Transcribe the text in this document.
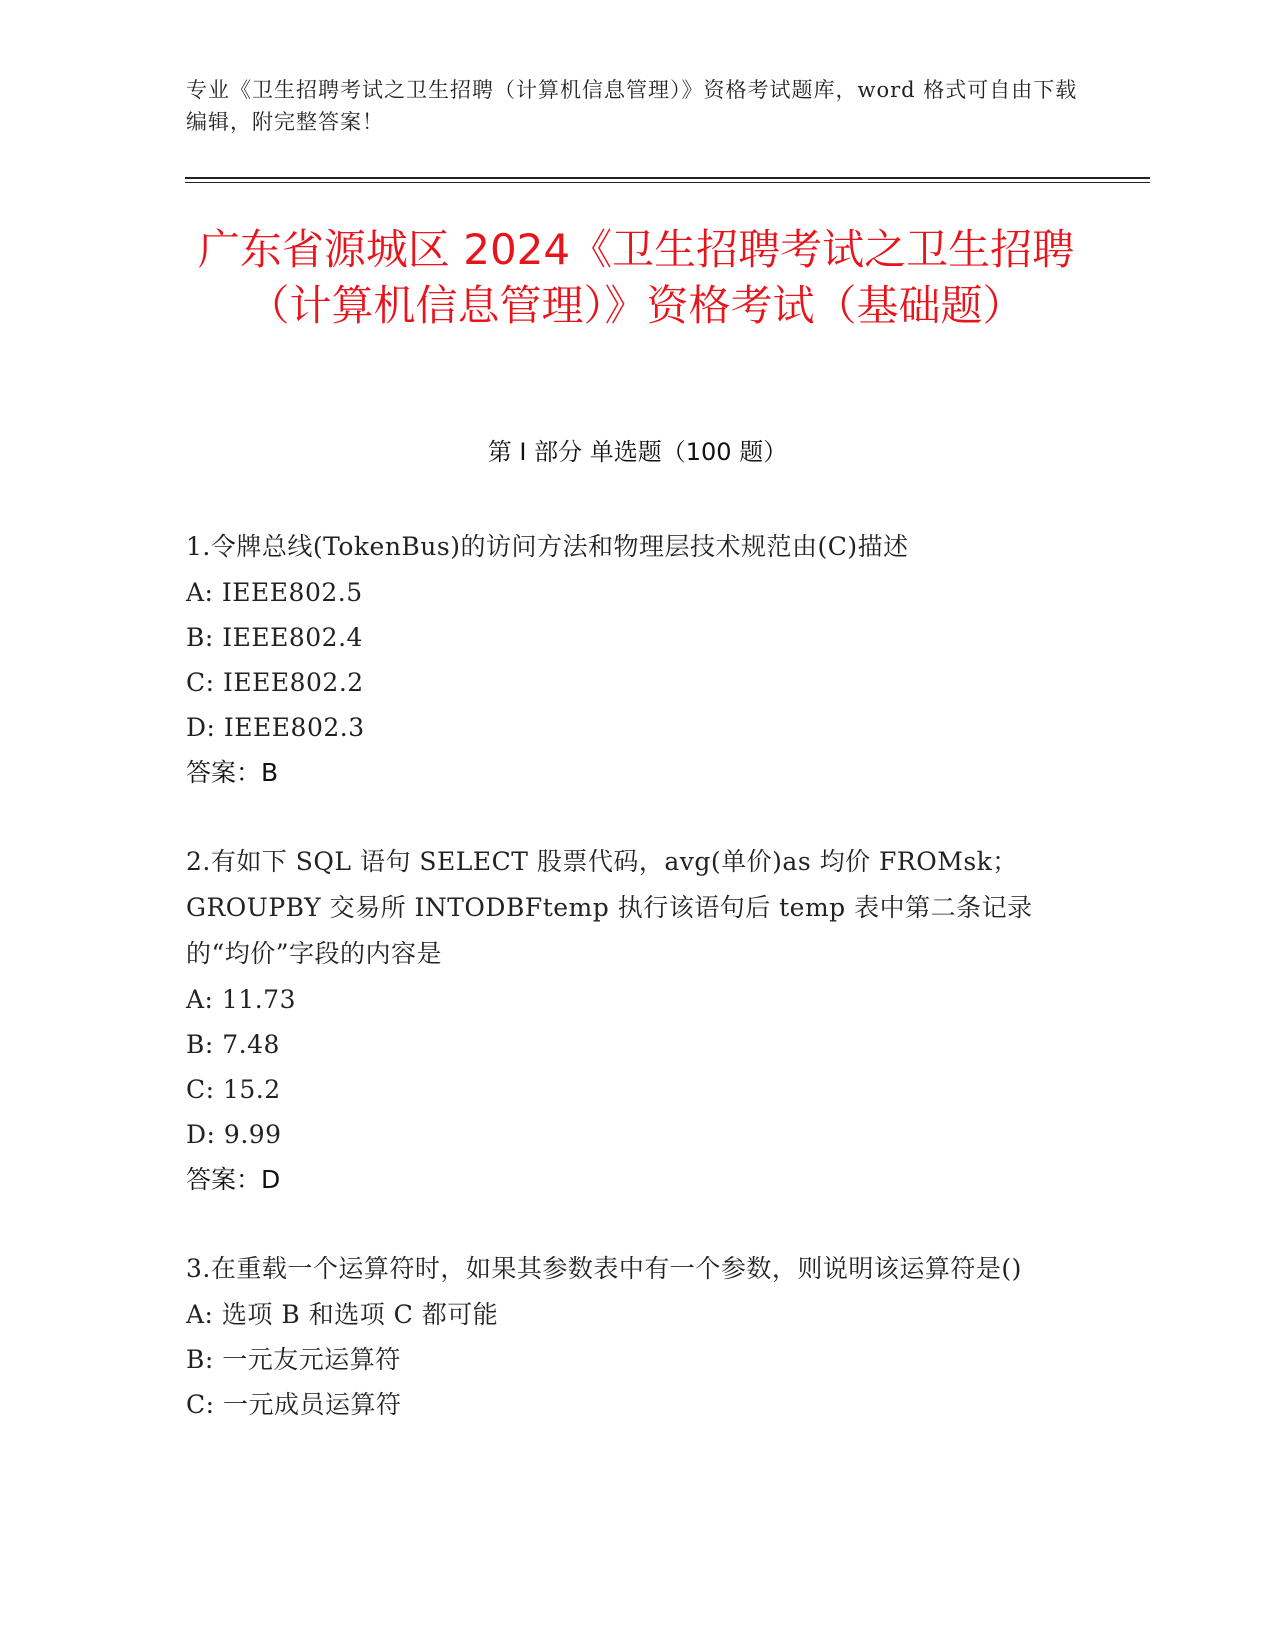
专业《卫生招聘考试之卫生招聘（计算机信息管理）》资格考试题库，word 格式可自由下载编辑，附完整答案！
广东省源城区 2024《卫生招聘考试之卫生招聘（计算机信息管理）》资格考试（基础题）
第 I 部分 单选题（100 题）
1.令牌总线(TokenBus)的访问方法和物理层技术规范由(C)描述
A: IEEE802.5
B: IEEE802.4
C: IEEE802.2
D: IEEE802.3
答案：B
2.有如下 SQL 语句 SELECT 股票代码，avg(单价)as 均价 FROMsk；GROUPBY 交易所 INTODBFtemp 执行该语句后 temp 表中第二条记录的“均价”字段的内容是
A: 11.73
B: 7.48
C: 15.2
D: 9.99
答案：D
3.在重载一个运算符时，如果其参数表中有一个参数，则说明该运算符是()
A: 选项 B 和选项 C 都可能
B: 一元友元运算符
C: 一元成员运算符
